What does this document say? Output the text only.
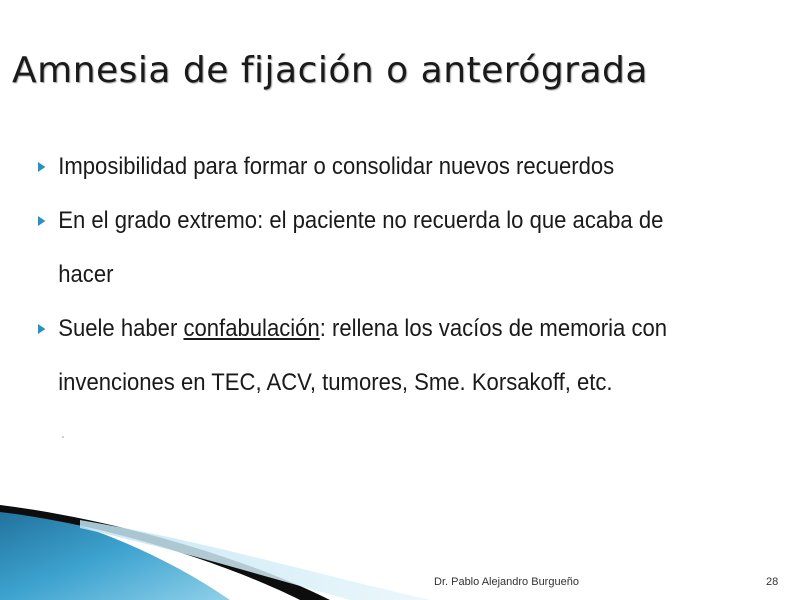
Amnesia de fijación o anterógrada
Imposibilidad para formar o consolidar nuevos recuerdos
En el grado extremo: el paciente no recuerda lo que acaba de
hacer
Suele haber confabulación: rellena los vacíos de memoria con
invenciones en TEC, ACV, tumores, Sme. Korsakoff, etc.
Dr. Pablo Alejandro Burgueño	28
